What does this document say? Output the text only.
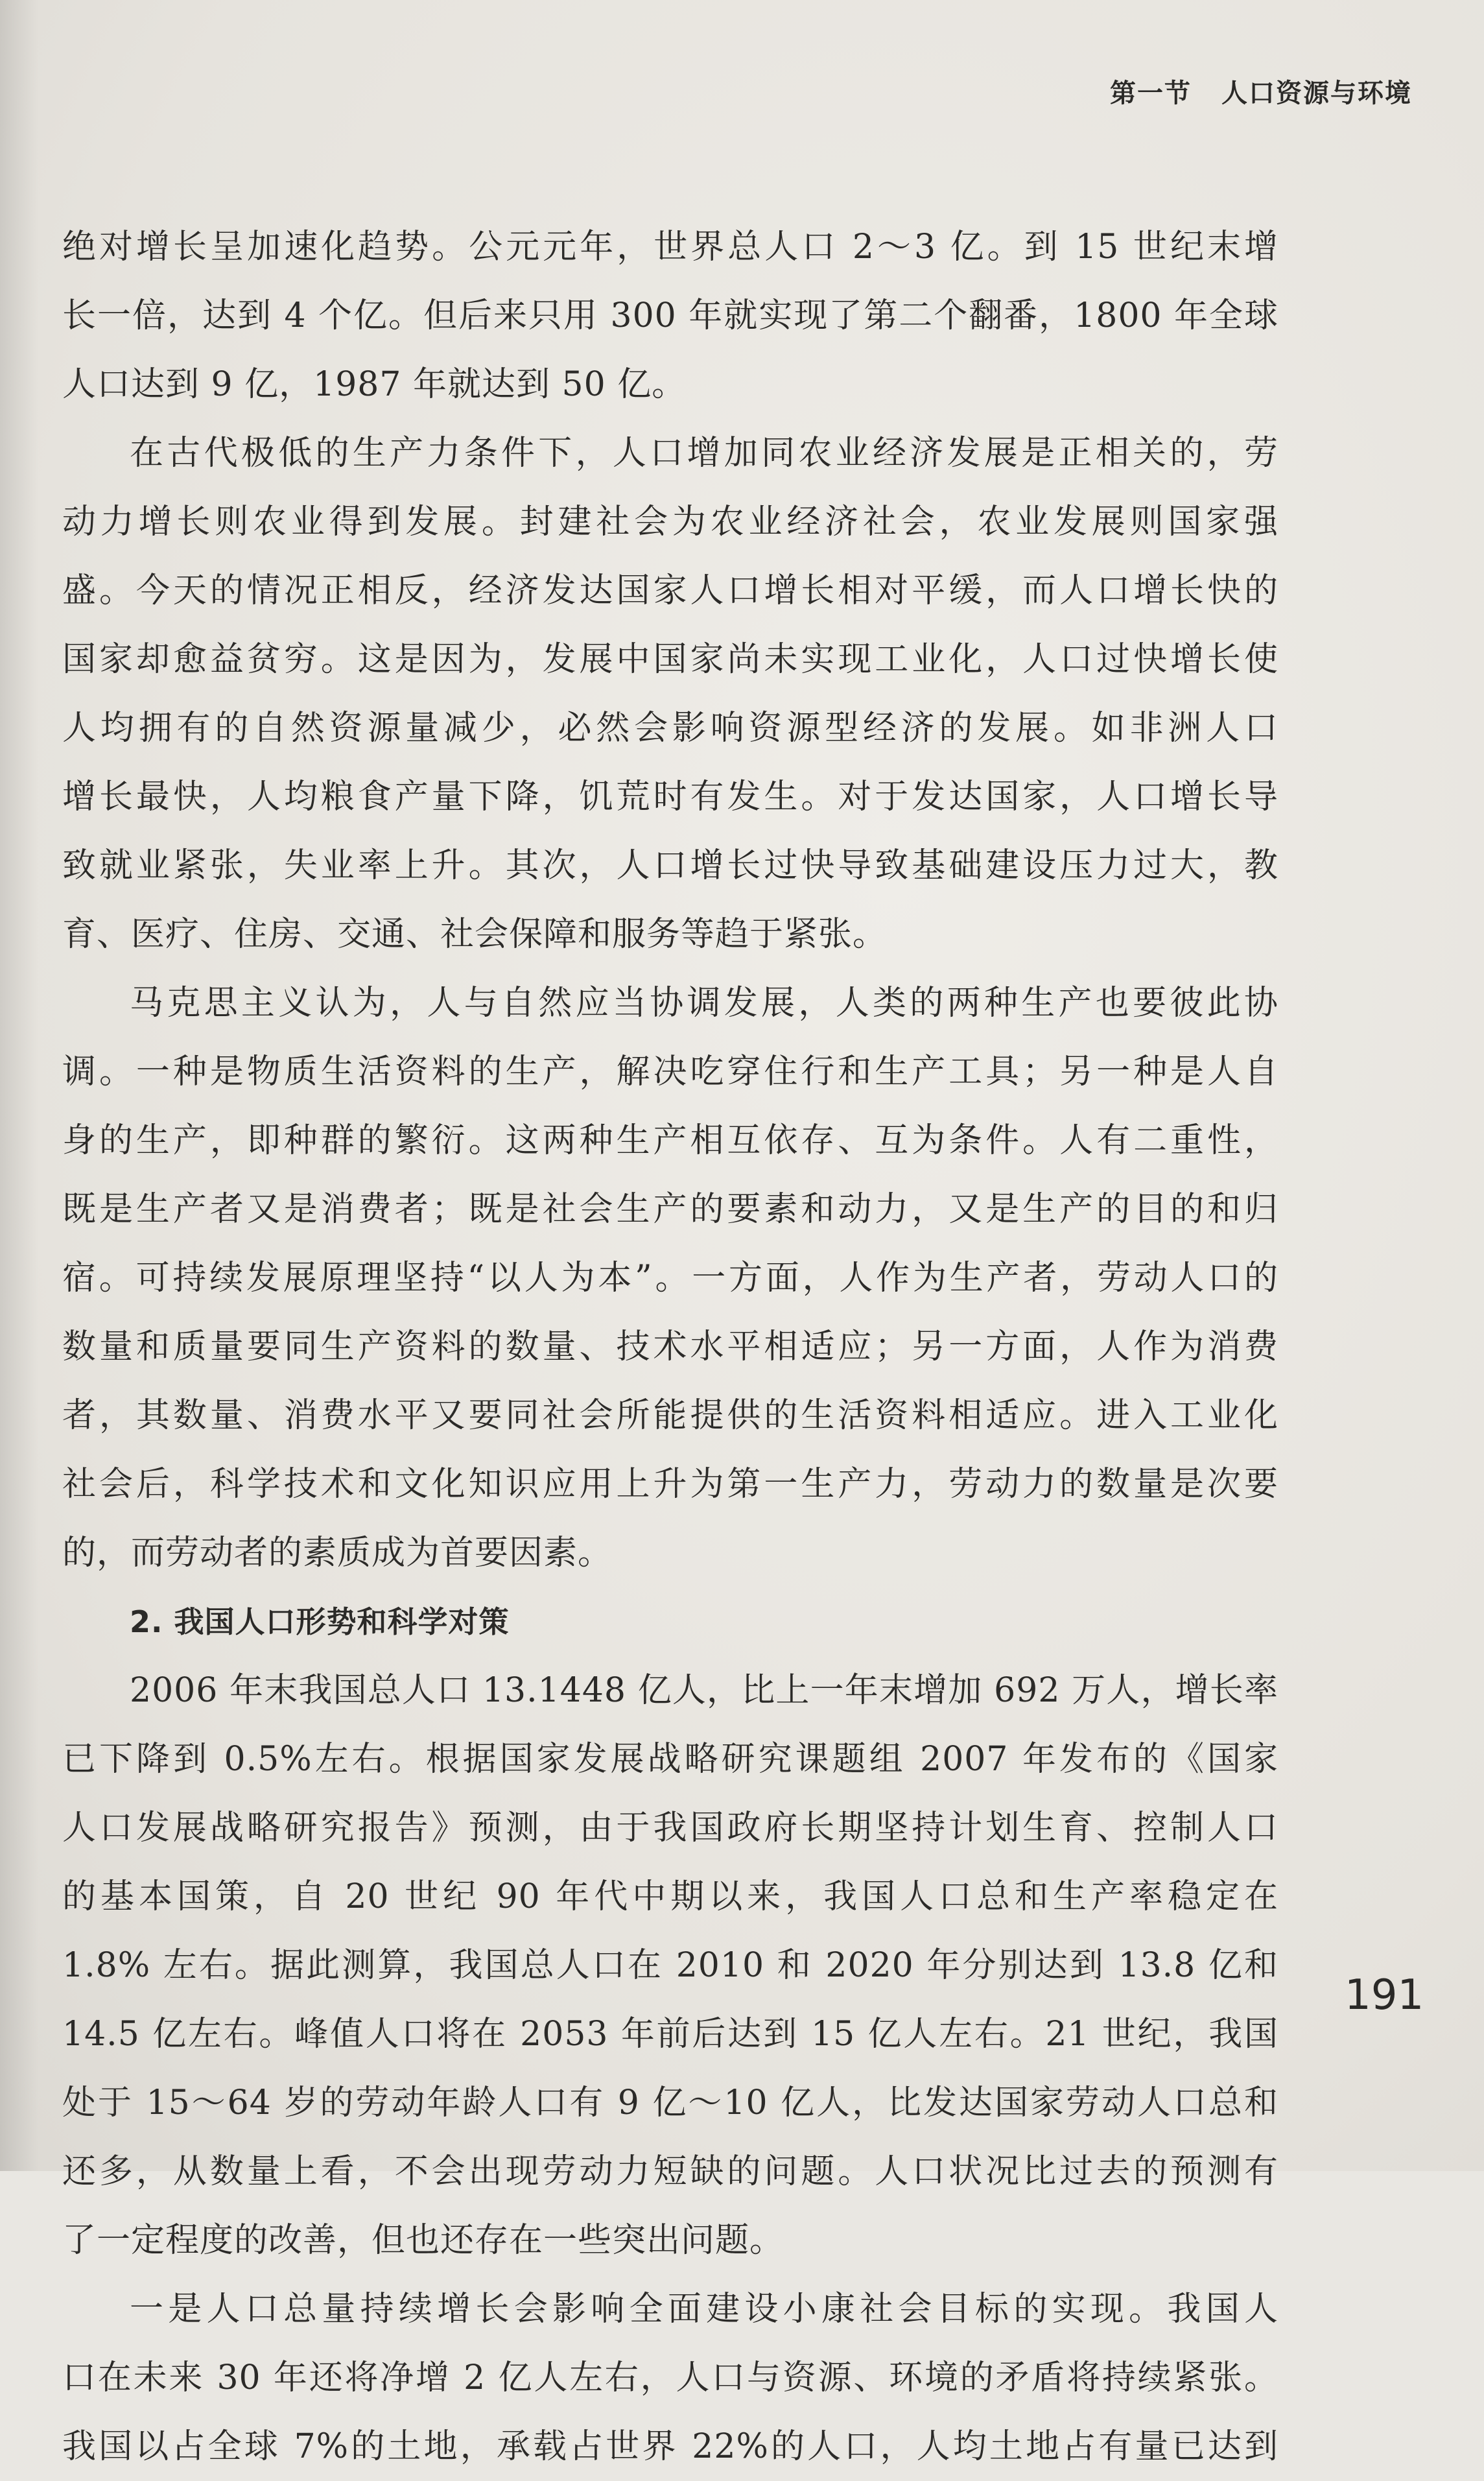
第一节 人口资源与环境
绝对增长呈加速化趋势。公元元年，世界总人口 2～3 亿。到 15 世纪末增
长一倍，达到 4 个亿。但后来只用 300 年就实现了第二个翻番，1800 年全球
人口达到 9 亿，1987 年就达到 50 亿。
在古代极低的生产力条件下，人口增加同农业经济发展是正相关的，劳
动力增长则农业得到发展。封建社会为农业经济社会，农业发展则国家强
盛。今天的情况正相反，经济发达国家人口增长相对平缓，而人口增长快的
国家却愈益贫穷。这是因为，发展中国家尚未实现工业化，人口过快增长使
人均拥有的自然资源量减少，必然会影响资源型经济的发展。如非洲人口
增长最快，人均粮食产量下降，饥荒时有发生。对于发达国家，人口增长导
致就业紧张，失业率上升。其次，人口增长过快导致基础建设压力过大，教
育、医疗、住房、交通、社会保障和服务等趋于紧张。
马克思主义认为，人与自然应当协调发展，人类的两种生产也要彼此协
调。一种是物质生活资料的生产，解决吃穿住行和生产工具；另一种是人自
身的生产，即种群的繁衍。这两种生产相互依存、互为条件。人有二重性，
既是生产者又是消费者；既是社会生产的要素和动力，又是生产的目的和归
宿。可持续发展原理坚持“以人为本”。一方面，人作为生产者，劳动人口的
数量和质量要同生产资料的数量、技术水平相适应；另一方面，人作为消费
者，其数量、消费水平又要同社会所能提供的生活资料相适应。进入工业化
社会后，科学技术和文化知识应用上升为第一生产力，劳动力的数量是次要
的，而劳动者的素质成为首要因素。
2. 我国人口形势和科学对策
2006 年末我国总人口 13.1448 亿人，比上一年末增加 692 万人，增长率
已下降到 0.5%左右。根据国家发展战略研究课题组 2007 年发布的《国家
人口发展战略研究报告》预测，由于我国政府长期坚持计划生育、控制人口
的基本国策，自 20 世纪 90 年代中期以来，我国人口总和生产率稳定在
1.8% 左右。据此测算，我国总人口在 2010 和 2020 年分别达到 13.8 亿和
14.5 亿左右。峰值人口将在 2053 年前后达到 15 亿人左右。21 世纪，我国
处于 15～64 岁的劳动年龄人口有 9 亿～10 亿人，比发达国家劳动人口总和
还多，从数量上看，不会出现劳动力短缺的问题。人口状况比过去的预测有
了一定程度的改善，但也还存在一些突出问题。
一是人口总量持续增长会影响全面建设小康社会目标的实现。我国人
口在未来 30 年还将净增 2 亿人左右，人口与资源、环境的矛盾将持续紧张。
我国以占全球 7%的土地，承载占世界 22%的人口，人均土地占有量已达到
191
